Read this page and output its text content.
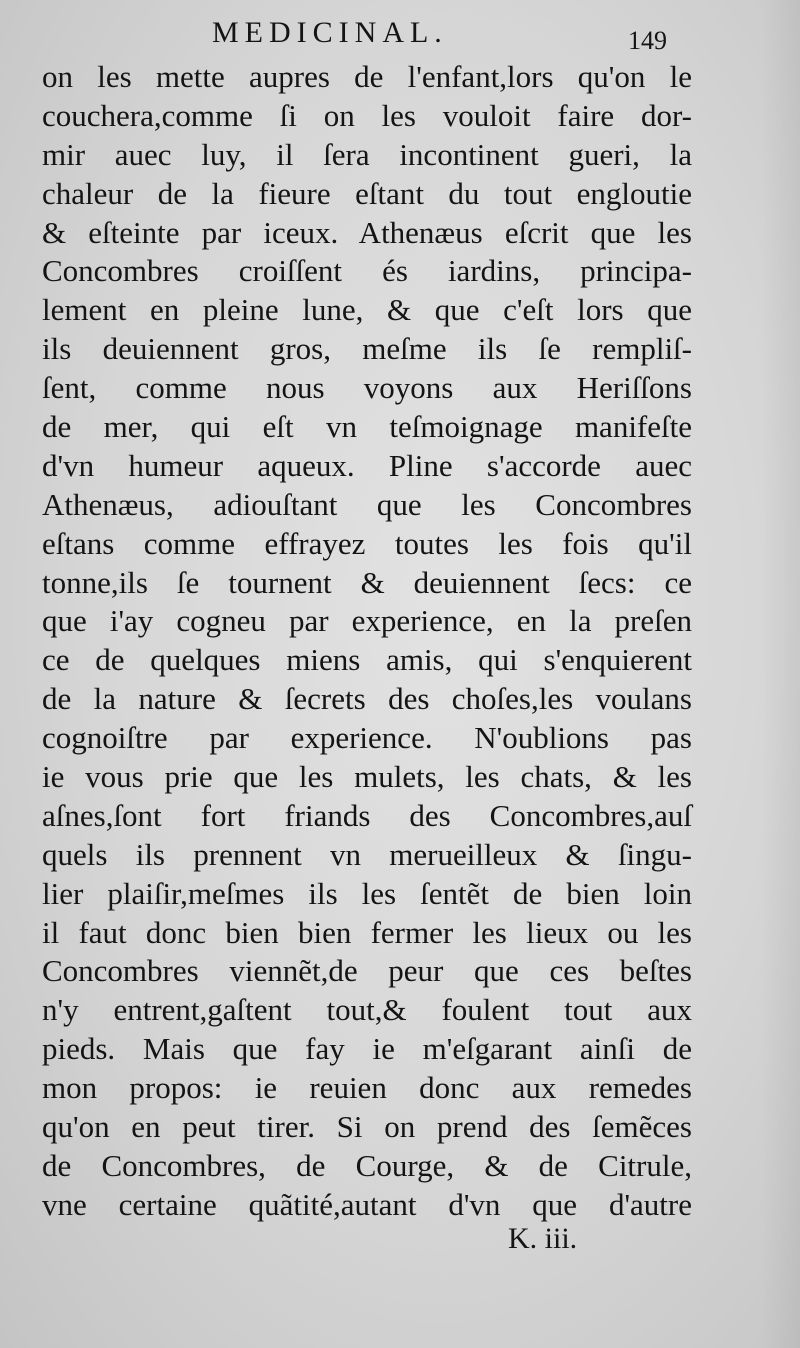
MEDICINAL.	149
on les mette aupres de l'enfant,lors qu'on le
couchera,comme ſi on les vouloit faire dor-
mir auec luy, il ſera incontinent gueri, la
chaleur de la fieure eſtant du tout engloutie
& eſteinte par iceux. Athenæus eſcrit que les
Concombres croiſſent és iardins, principa-
lement en pleine lune, & que c'eſt lors que
ils deuiennent gros, meſme ils ſe rempliſ-
ſent, comme nous voyons aux Heriſſons
de mer, qui eſt vn teſmoignage manifeſte
d'vn humeur aqueux. Pline s'accorde auec
Athenæus, adiouſtant que les Concombres
eſtans comme effrayez toutes les fois qu'il
tonne,ils ſe tournent & deuiennent ſecs: ce
que i'ay cogneu par experience, en la preſen
ce de quelques miens amis, qui s'enquierent
de la nature & ſecrets des choſes,les voulans
cognoiſtre par experience. N'oublions pas
ie vous prie que les mulets, les chats, & les
aſnes,ſont fort friands des Concombres,auſ
quels ils prennent vn merueilleux & ſingu-
lier plaiſir,meſmes ils les ſentẽt de bien loin
il faut donc bien bien fermer les lieux ou les
Concombres viennẽt,de peur que ces beſtes
n'y entrent,gaſtent tout,& foulent tout aux
pieds. Mais que fay ie m'eſgarant ainſi de
mon propos: ie reuien donc aux remedes
qu'on en peut tirer. Si on prend des ſemẽces
de Concombres, de Courge, & de Citrule,
vne certaine quãtité,autant d'vn que d'autre
K. iii.
